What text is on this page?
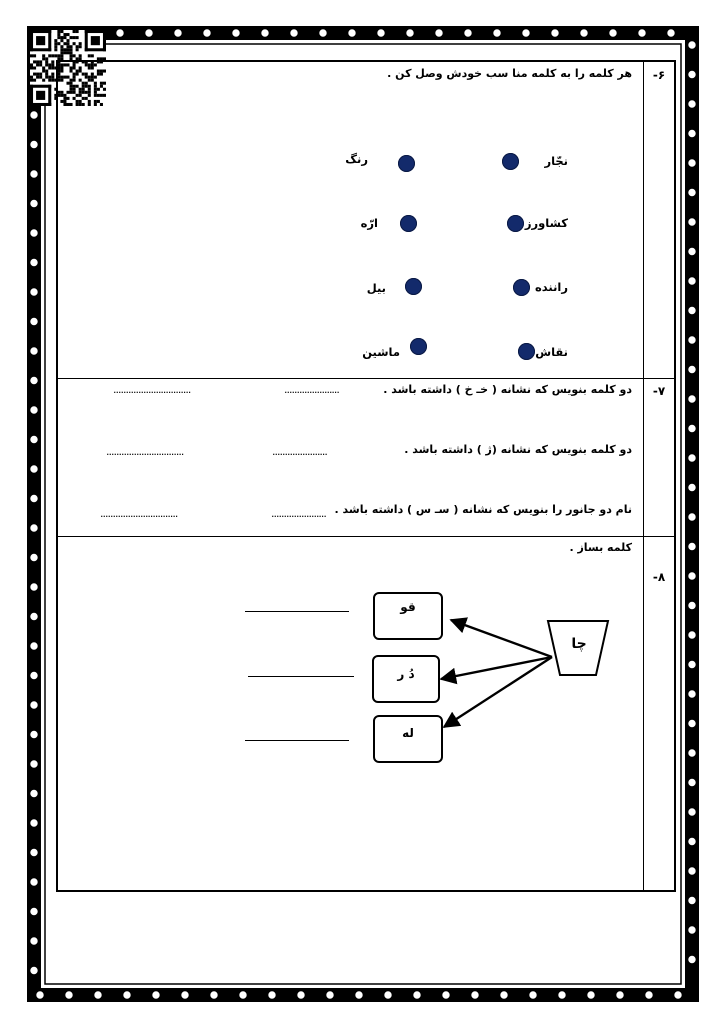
۶-
هر کلمه را به کلمه منا سب خودش وصل کن .
نجّار
کشاورز
راننده
نقاش
رنگ
ارّه
بیل
ماشین
۷-
دو کلمه بنویس که نشانه ( خـ خ ) داشته باشد .
......................
...............................
دو کلمه بنویس که نشانه (ژ ) داشته باشد .
......................
...............................
نام دو جانور را بنویس که نشانه ( سـ س ) داشته باشد .
......................
...............................
۸-
کلمه بساز .
چا
قو
دُ ر
له
